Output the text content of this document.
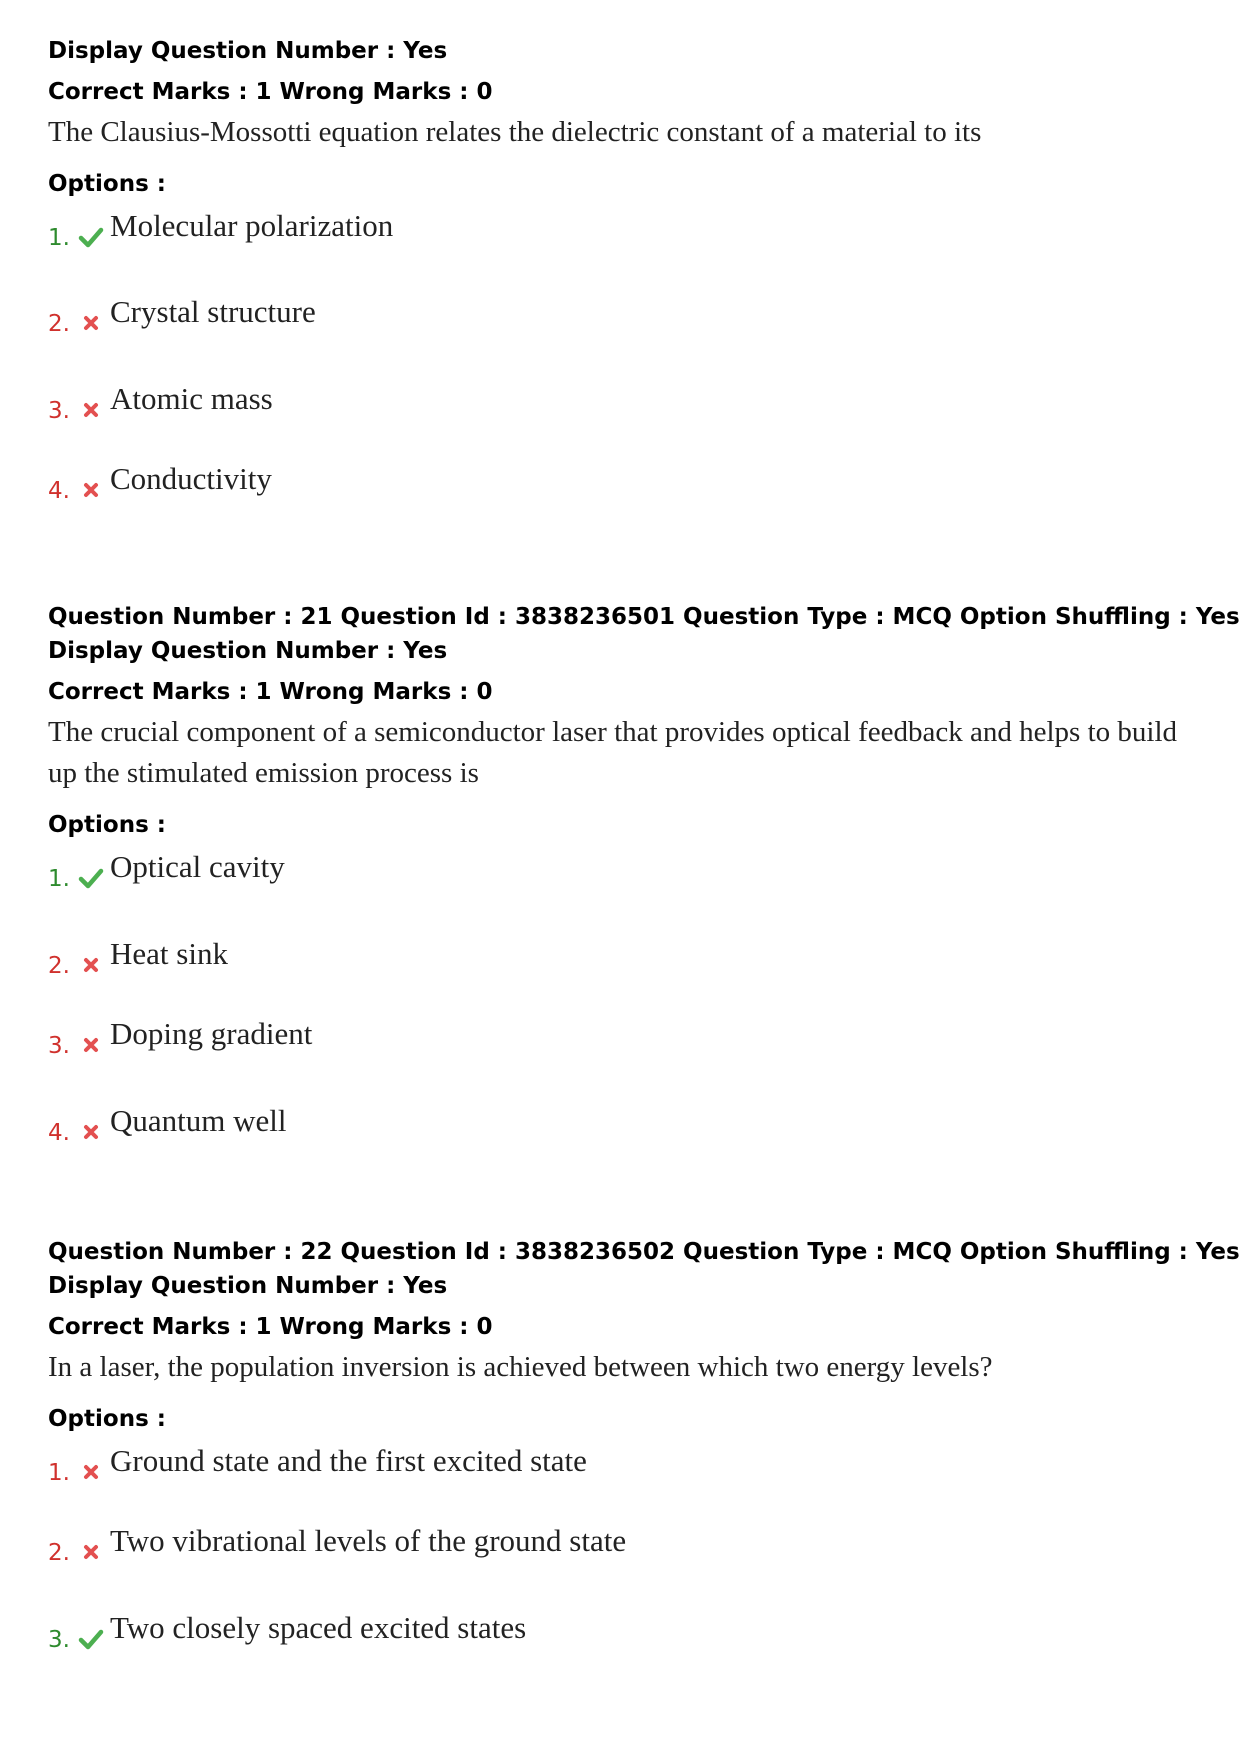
Display Question Number : Yes
Correct Marks : 1 Wrong Marks : 0
The Clausius-Mossotti equation relates the dielectric constant of a material to its
Options :
1. Molecular polarization
2. Crystal structure
3. Atomic mass
4. Conductivity
Question Number : 21 Question Id : 3838236501 Question Type : MCQ Option Shuffling : Yes
Display Question Number : Yes
Correct Marks : 1 Wrong Marks : 0
The crucial component of a semiconductor laser that provides optical feedback and helps to build
up the stimulated emission process is
Options :
1. Optical cavity
2. Heat sink
3. Doping gradient
4. Quantum well
Question Number : 22 Question Id : 3838236502 Question Type : MCQ Option Shuffling : Yes
Display Question Number : Yes
Correct Marks : 1 Wrong Marks : 0
In a laser, the population inversion is achieved between which two energy levels?
Options :
1. Ground state and the first excited state
2. Two vibrational levels of the ground state
3. Two closely spaced excited states
